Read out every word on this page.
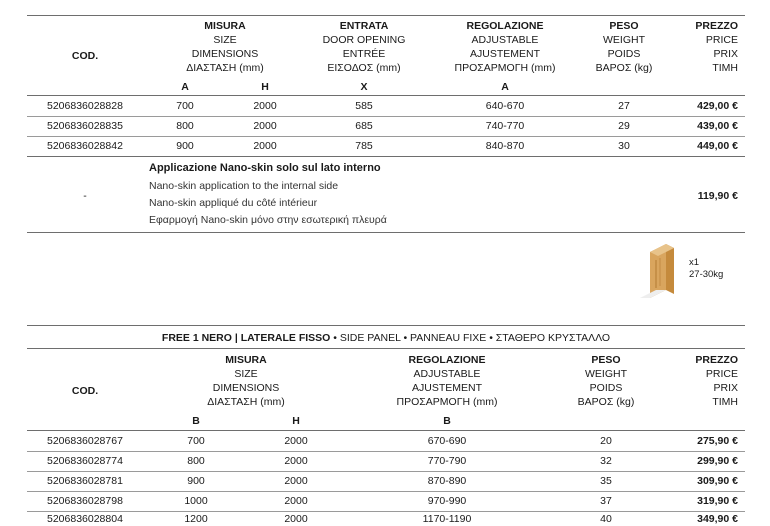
COD.
MISURA
SIZE
DIMENSIONS
ΔΙΑΣΤΑΣΗ (mm)
ENTRATA
DOOR OPENING
ENTRÉE
ΕΙΣΟΔΟΣ (mm)
REGOLAZIONE
ADJUSTABLE
AJUSTEMENT
ΠΡΟΣΑΡΜΟΓΗ (mm)
PESO
WEIGHT
POIDS
ΒΑΡΟΣ (kg)
PREZZO
PRICE
PRIX
ΤΙΜΗ
A	H	X	A
5206836028828	700	2000	585	640-670	27	429,00 €
5206836028835	800	2000	685	740-770	29	439,00 €
5206836028842	900	2000	785	840-870	30	449,00 €
-
Applicazione Nano-skin solo sul lato interno
Nano-skin application to the internal side
Nano-skin appliqué du côté intérieur
Εφαρμογή Nano-skin μόνο στην εσωτερική πλευρά
119,90 €
x1
27-30kg
FREE 1 NERO | LATERALE FISSO • SIDE PANEL • PANNEAU FIXE • ΣΤΑΘΕΡΟ ΚΡΥΣΤΑΛΛΟ
COD.
MISURA
SIZE
DIMENSIONS
ΔΙΑΣΤΑΣΗ (mm)
REGOLAZIONE
ADJUSTABLE
AJUSTEMENT
ΠΡΟΣΑΡΜΟΓΗ (mm)
PESO
WEIGHT
POIDS
ΒΑΡΟΣ (kg)
PREZZO
PRICE
PRIX
ΤΙΜΗ
B	H	B
5206836028767	700	2000	670-690	20	275,90 €
5206836028774	800	2000	770-790	32	299,90 €
5206836028781	900	2000	870-890	35	309,90 €
5206836028798	1000	2000	970-990	37	319,90 €
5206836028804	1200	2000	1170-1190	40	349,90 €
